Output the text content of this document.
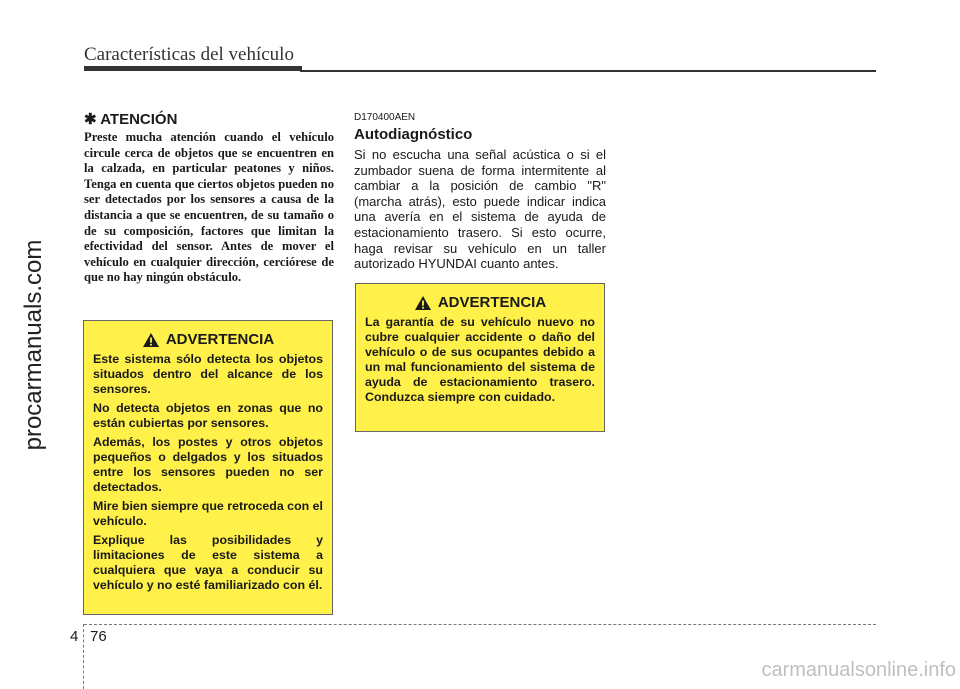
Características del vehículo
procarmanuals.com
✱ ATENCIÓN

Preste mucha atención cuando el vehículo circule cerca de objetos que se encuentren en la calzada, en particular peatones y niños. Tenga en cuenta que ciertos objetos pueden no ser detectados por los sensores a causa de la distancia a que se encuentren, de su tamaño o de su composición, factores que limitan la efectividad del sensor. Antes de mover el vehículo en cualquier dirección, cerciórese de que no hay ningún obstáculo.

ADVERTENCIA

Este sistema sólo detecta los objetos situados dentro del alcance de los sensores.

No detecta objetos en zonas que no están cubiertas por sensores.

Además, los postes y otros objetos pequeños o delgados y los situados entre los sensores pueden no ser detectados.

Mire bien siempre que retroceda con el vehículo.

Explique las posibilidades y limitaciones de este sistema a cualquiera que vaya a conducir su vehículo y no esté familiarizado con él.

D170400AEN
Autodiagnóstico

Si no escucha una señal acústica o si el zumbador suena de forma intermitente al cambiar a la posición de cambio "R" (marcha atrás), esto puede indicar indica una avería en el sistema de ayuda de estacionamiento trasero. Si esto ocurre, haga revisar su vehículo en un taller autorizado HYUNDAI cuanto antes.

ADVERTENCIA

La garantía de su vehículo nuevo no cubre cualquier accidente o daño del vehículo o de sus ocupantes debido a un mal funcionamiento del sistema de ayuda de estacionamiento trasero. Conduzca siempre con cuidado.

4 76
carmanualsonline.info
